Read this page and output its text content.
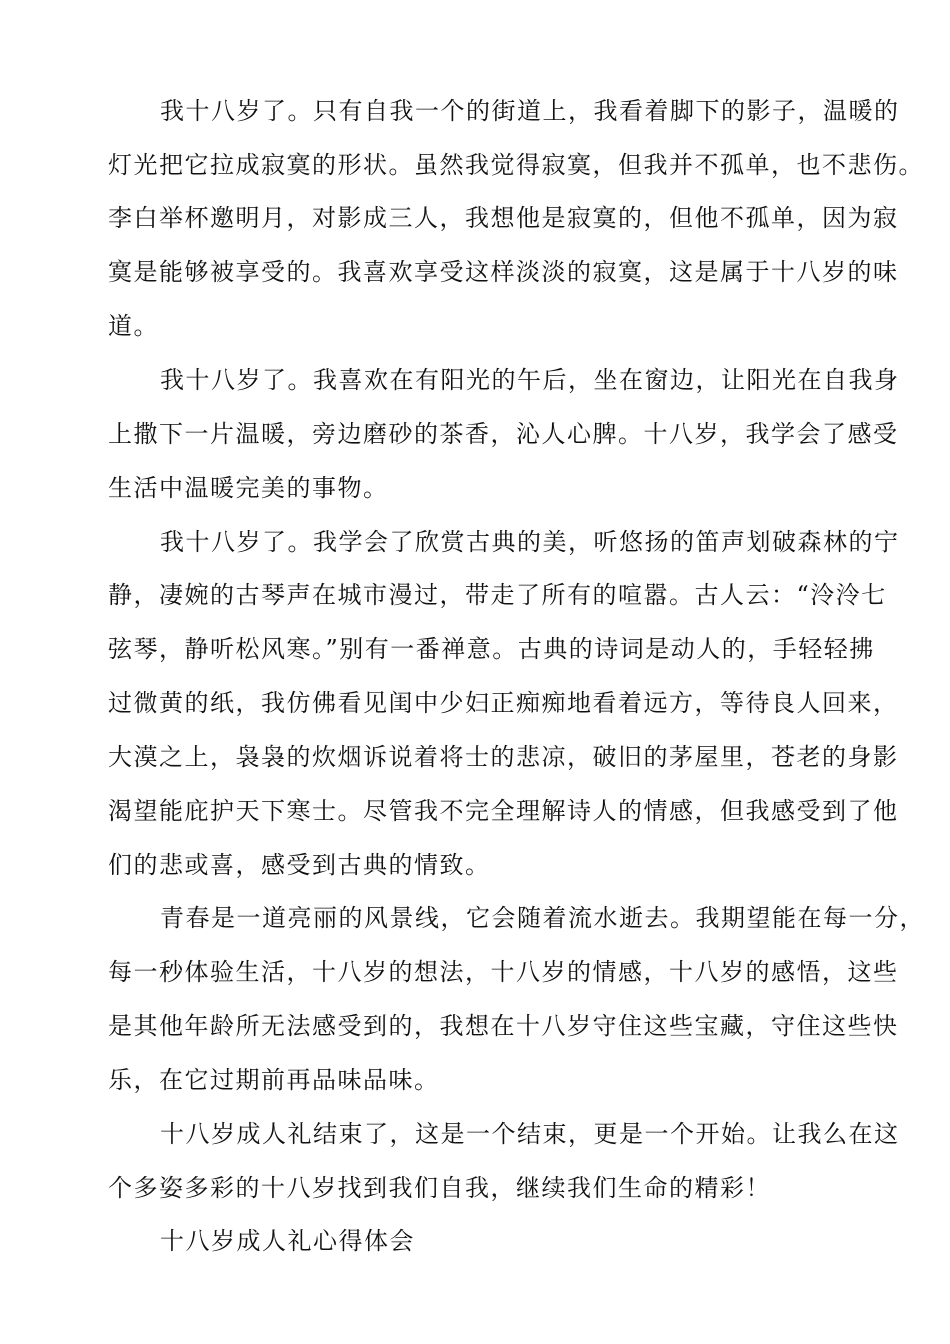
我十八岁了。只有自我一个的街道上，我看着脚下的影子，温暖的
灯光把它拉成寂寞的形状。虽然我觉得寂寞，但我并不孤单，也不悲伤。
李白举杯邀明月，对影成三人，我想他是寂寞的，但他不孤单，因为寂
寞是能够被享受的。我喜欢享受这样淡淡的寂寞，这是属于十八岁的味
道。
我十八岁了。我喜欢在有阳光的午后，坐在窗边，让阳光在自我身
上撒下一片温暖，旁边磨砂的茶香，沁人心脾。十八岁，我学会了感受
生活中温暖完美的事物。
我十八岁了。我学会了欣赏古典的美，听悠扬的笛声划破森林的宁
静，凄婉的古琴声在城市漫过，带走了所有的喧嚣。古人云：“泠泠七
弦琴，静听松风寒。”别有一番禅意。古典的诗词是动人的，手轻轻拂
过微黄的纸，我仿佛看见闺中少妇正痴痴地看着远方，等待良人回来，
大漠之上，袅袅的炊烟诉说着将士的悲凉，破旧的茅屋里，苍老的身影
渴望能庇护天下寒士。尽管我不完全理解诗人的情感，但我感受到了他
们的悲或喜，感受到古典的情致。
青春是一道亮丽的风景线，它会随着流水逝去。我期望能在每一分，
每一秒体验生活，十八岁的想法，十八岁的情感，十八岁的感悟，这些
是其他年龄所无法感受到的，我想在十八岁守住这些宝藏，守住这些快
乐，在它过期前再品味品味。
十八岁成人礼结束了，这是一个结束，更是一个开始。让我么在这
个多姿多彩的十八岁找到我们自我，继续我们生命的精彩！
十八岁成人礼心得体会
